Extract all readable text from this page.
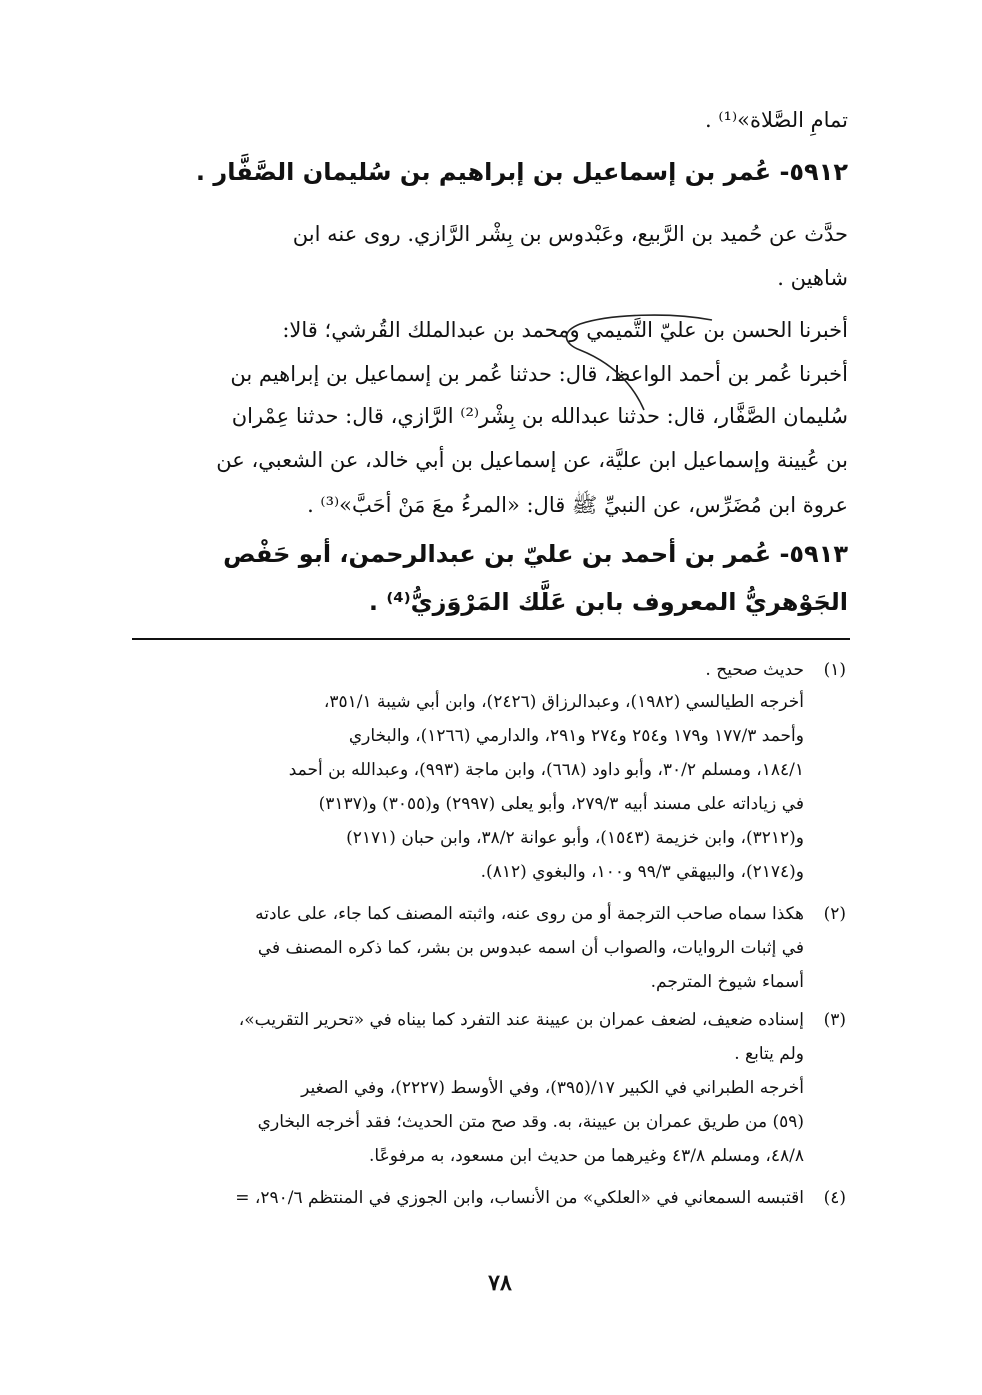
تمامِ الصَّلاة»⁽¹⁾ .
٥٩١٢- عُمر بن إسماعيل بن إبراهيم بن سُليمان الصَّفَّار .
حدَّث عن حُميد بن الرَّبيع، وعَبْدوس بن بِشْر الرَّازي. روى عنه ابن
شاهين .
أخبرنا الحسن بن عليّ التَّميمي ومحمد بن عبدالملك القُرشي؛ قالا:
أخبرنا عُمر بن أحمد الواعظ، قال: حدثنا عُمر بن إسماعيل بن إبراهيم بن
سُليمان الصَّفَّار، قال: حدثنا عبدالله بن بِشْر⁽²⁾ الرَّازي، قال: حدثنا عِمْران
بن عُيينة وإسماعيل ابن عليَّة، عن إسماعيل بن أبي خالد، عن الشعبي، عن
عروة ابن مُضَرِّس، عن النبيِّ ﷺ قال: «المرءُ معَ مَنْ أحَبَّ»⁽³⁾ .
٥٩١٣- عُمر بن أحمد بن عليّ بن عبدالرحمن، أبو حَفْص
الجَوْهريُّ المعروف بابن عَلَّك المَرْوَزيُّ⁽⁴⁾ .
(١)
حديث صحيح .
أخرجه الطيالسي (١٩٨٢)، وعبدالرزاق (٢٤٢٦)، وابن أبي شيبة ٣٥١/١،
وأحمد ١٧٧/٣ و١٧٩ و٢٥٤ و٢٧٤ و٢٩١، والدارمي (١٢٦٦)، والبخاري
١٨٤/١، ومسلم ٣٠/٢، وأبو داود (٦٦٨)، وابن ماجة (٩٩٣)، وعبدالله بن أحمد
في زياداته على مسند أبيه ٢٧٩/٣، وأبو يعلى (٢٩٩٧) و(٣٠٥٥) و(٣١٣٧)
و(٣٢١٢)، وابن خزيمة (١٥٤٣)، وأبو عوانة ٣٨/٢، وابن حبان (٢١٧١)
و(٢١٧٤)، والبيهقي ٩٩/٣ و١٠٠، والبغوي (٨١٢).
(٢)
هكذا سماه صاحب الترجمة أو من روى عنه، واثبته المصنف كما جاء، على عادته
في إثبات الروايات، والصواب أن اسمه عبدوس بن بشر، كما ذكره المصنف في
أسماء شيوخ المترجم.
(٣)
إسناده ضعيف، لضعف عمران بن عيينة عند التفرد كما بيناه في «تحرير التقريب»،
ولم يتابع .
أخرجه الطبراني في الكبير ١٧/(٣٩٥)، وفي الأوسط (٢٢٢٧)، وفي الصغير
(٥٩) من طريق عمران بن عيينة، به. وقد صح متن الحديث؛ فقد أخرجه البخاري
٤٨/٨، ومسلم ٤٣/٨ وغيرهما من حديث ابن مسعود، به مرفوعًا.
(٤)
اقتبسه السمعاني في «العلكي» من الأنساب، وابن الجوزي في المنتظم ٢٩٠/٦، =
٧٨
